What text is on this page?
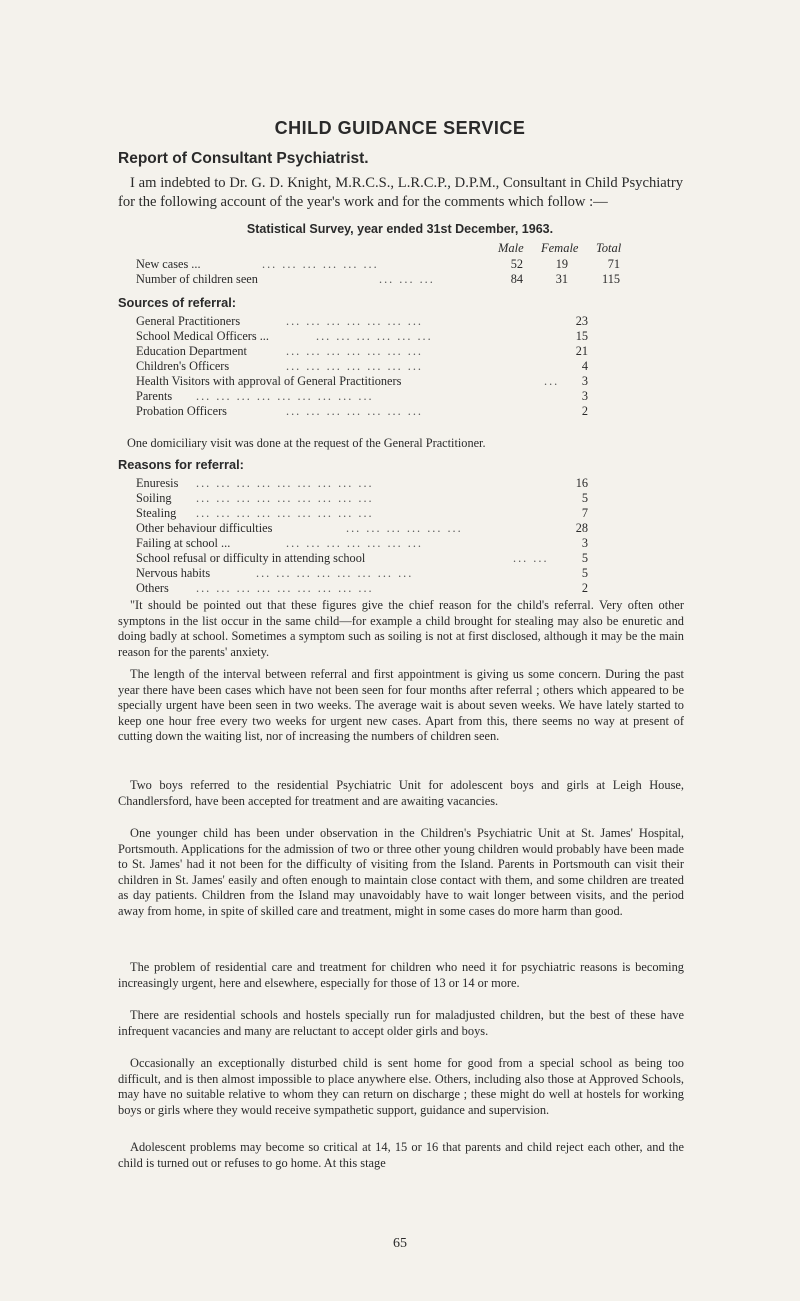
CHILD GUIDANCE SERVICE
Report of Consultant Psychiatrist.
I am indebted to Dr. G. D. Knight, M.R.C.S., L.R.C.P., D.P.M., Consultant in Child Psychiatry for the following account of the year's work and for the comments which follow :—
Statistical Survey, year ended 31st December, 1963.
Male Female Total
New cases ...	... ... ... ... ... ...	52	19	71
Number of children seen	... ... ...	84	31	115
Sources of referral:
General Practitioners	... ... ... ... ... ... ...	23
School Medical Officers ...	... ... ... ... ... ...	15
Education Department	... ... ... ... ... ... ...	21
Children's Officers	... ... ... ... ... ... ...	4
Health Visitors with approval of General Practitioners	...	3
Parents ... ... ... ... ... ... ... ... ...	3
Probation Officers	... ... ... ... ... ... ...	2
One domiciliary visit was done at the request of the General Practitioner.
Reasons for referral:
Enuresis ... ... ... ... ... ... ... ... ...	16
Soiling ... ... ... ... ... ... ... ... ...	5
Stealing ... ... ... ... ... ... ... ... ...	7
Other behaviour difficulties	... ... ... ... ... ...	28
Failing at school ...	... ... ... ... ... ... ...	3
School refusal or difficulty in attending school	... ...	5
Nervous habits	... ... ... ... ... ... ... ...	5
Others ... ... ... ... ... ... ... ... ...	2

"It should be pointed out that these figures give the chief reason for the child's referral. Very often other symptons in the list occur in the same child—for example a child brought for stealing may also be enuretic and doing badly at school. Sometimes a symptom such as soiling is not at first disclosed, although it may be the main reason for the parents' anxiety.

The length of the interval between referral and first appointment is giving us some concern. During the past year there have been cases which have not been seen for four months after referral ; others which appeared to be specially urgent have been seen in two weeks. The average wait is about seven weeks. We have lately started to keep one hour free every two weeks for urgent new cases. Apart from this, there seems no way at present of cutting down the waiting list, nor of increasing the numbers of children seen.

Two boys referred to the residential Psychiatric Unit for adolescent boys and girls at Leigh House, Chandlersford, have been accepted for treatment and are awaiting vacancies.

One younger child has been under observation in the Children's Psychiatric Unit at St. James' Hospital, Portsmouth. Applications for the admission of two or three other young children would probably have been made to St. James' had it not been for the difficulty of visiting from the Island. Parents in Portsmouth can visit their children in St. James' easily and often enough to maintain close contact with them, and some children are treated as day patients. Children from the Island may unavoidably have to wait longer between visits, and the period away from home, in spite of skilled care and treatment, might in some cases do more harm than good.

The problem of residential care and treatment for children who need it for psychiatric reasons is becoming increasingly urgent, here and elsewhere, especially for those of 13 or 14 or more.

There are residential schools and hostels specially run for maladjusted children, but the best of these have infrequent vacancies and many are reluctant to accept older girls and boys.

Occasionally an exceptionally disturbed child is sent home for good from a special school as being too difficult, and is then almost impossible to place anywhere else. Others, including also those at Approved Schools, may have no suitable relative to whom they can return on discharge ; these might do well at hostels for working boys or girls where they would receive sympathetic support, guidance and supervision.

Adolescent problems may become so critical at 14, 15 or 16 that parents and child reject each other, and the child is turned out or refuses to go home. At this stage

65
